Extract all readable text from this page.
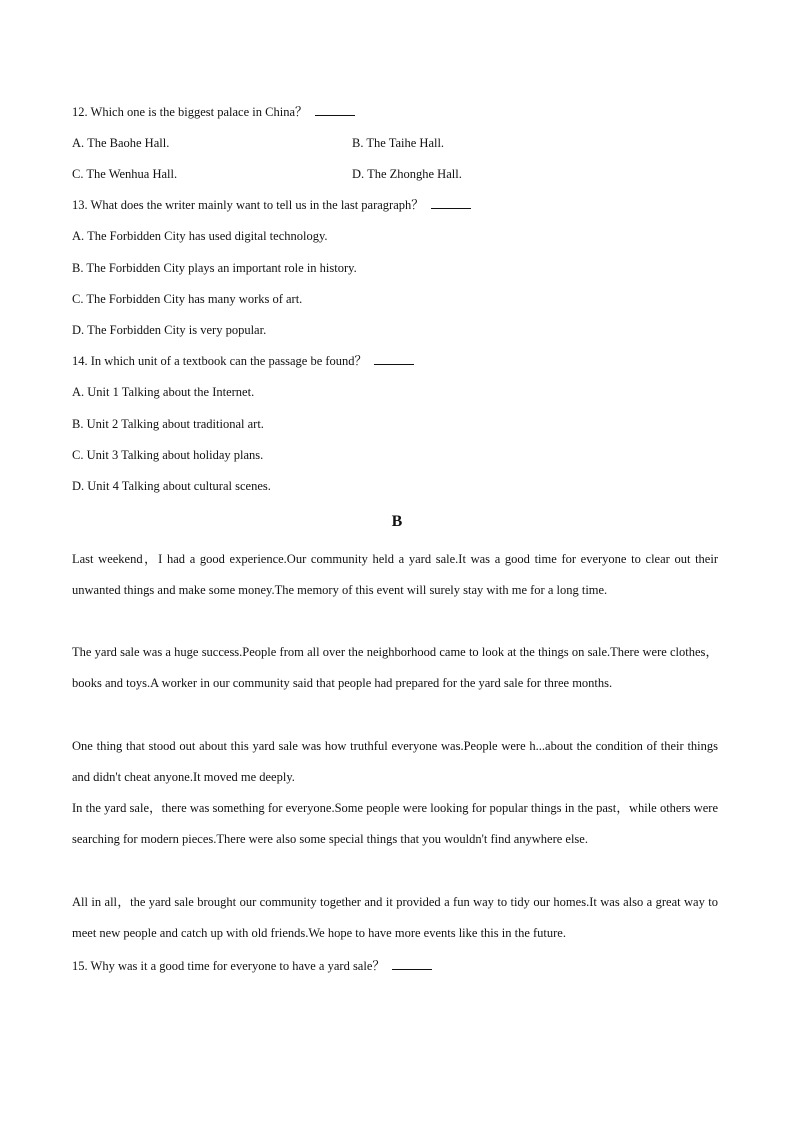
12. Which one is the biggest palace in China？
A. The Baohe Hall.	B. The Taihe Hall.
C. The Wenhua Hall.	D. The Zhonghe Hall.
13. What does the writer mainly want to tell us in the last paragraph？
A. The Forbidden City has used digital technology.
B. The Forbidden City plays an important role in history.
C. The Forbidden City has many works of art.
D. The Forbidden City is very popular.
14. In which unit of a textbook can the passage be found？
A. Unit 1 Talking about the Internet.
B. Unit 2 Talking about traditional art.
C. Unit 3 Talking about holiday plans.
D. Unit 4 Talking about cultural scenes.
B
Last weekend，I had a good experience.Our community held a yard sale.It was a good time for everyone to clear out their unwanted things and make some money.The memory of this event will surely stay with me for a long time.
The yard sale was a huge success.People from all over the neighborhood came to look at the things on sale.There were clothes，books and toys.A worker in our community said that people had prepared for the yard sale for three months.
One thing that stood out about this yard sale was how truthful everyone was.People were h...about the condition of their things and didn't cheat anyone.It moved me deeply.
In the yard sale，there was something for everyone.Some people were looking for popular things in the past，while others were searching for modern pieces.There were also some special things that you wouldn't find anywhere else.
All in all，the yard sale brought our community together and it provided a fun way to tidy our homes.It was also a great way to meet new people and catch up with old friends.We hope to have more events like this in the future.
15. Why was it a good time for everyone to have a yard sale？
